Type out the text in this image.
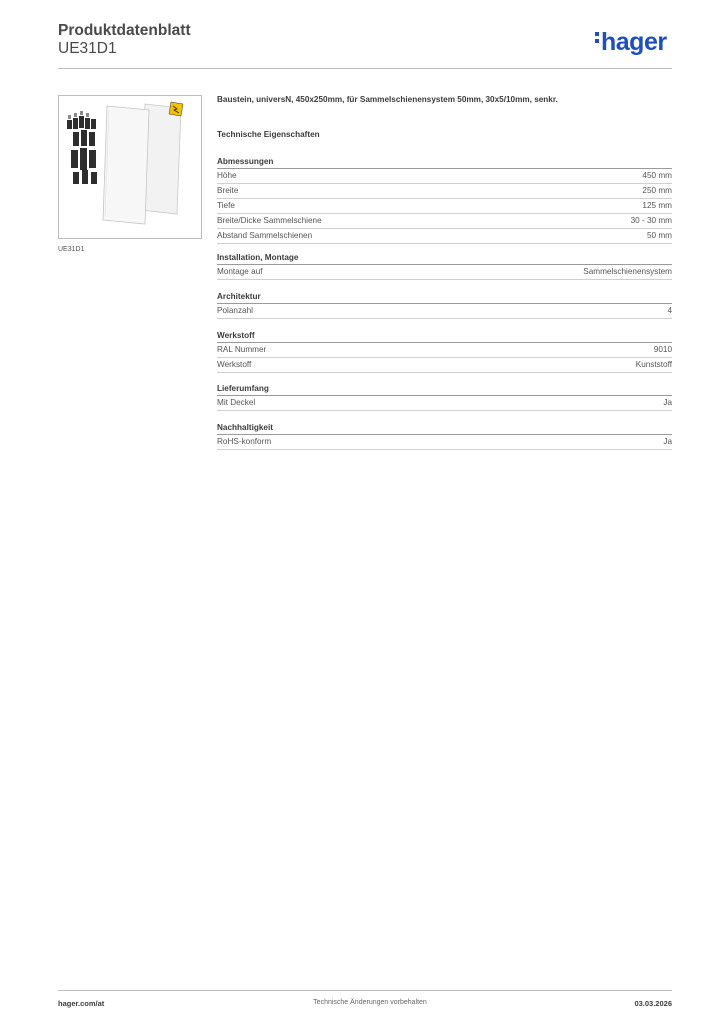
Produktdatenblatt
UE31D1	hager
UE31D1
Baustein, universN, 450x250mm, für Sammelschienensystem 50mm, 30x5/10mm, senkr.
Technische Eigenschaften
Abmessungen
Höhe	450 mm
Breite	250 mm
Tiefe	125 mm
Breite/Dicke Sammelschiene	30 - 30 mm
Abstand Sammelschienen	50 mm
Installation, Montage
Montage auf	Sammelschienensystem
Architektur
Polanzahl	4
Werkstoff
RAL Nummer	9010
Werkstoff	Kunststoff
Lieferumfang
Mit Deckel	Ja
Nachhaltigkeit
RoHS-konform	Ja
hager.com/at	Technische Änderungen vorbehalten	03.03.2026
